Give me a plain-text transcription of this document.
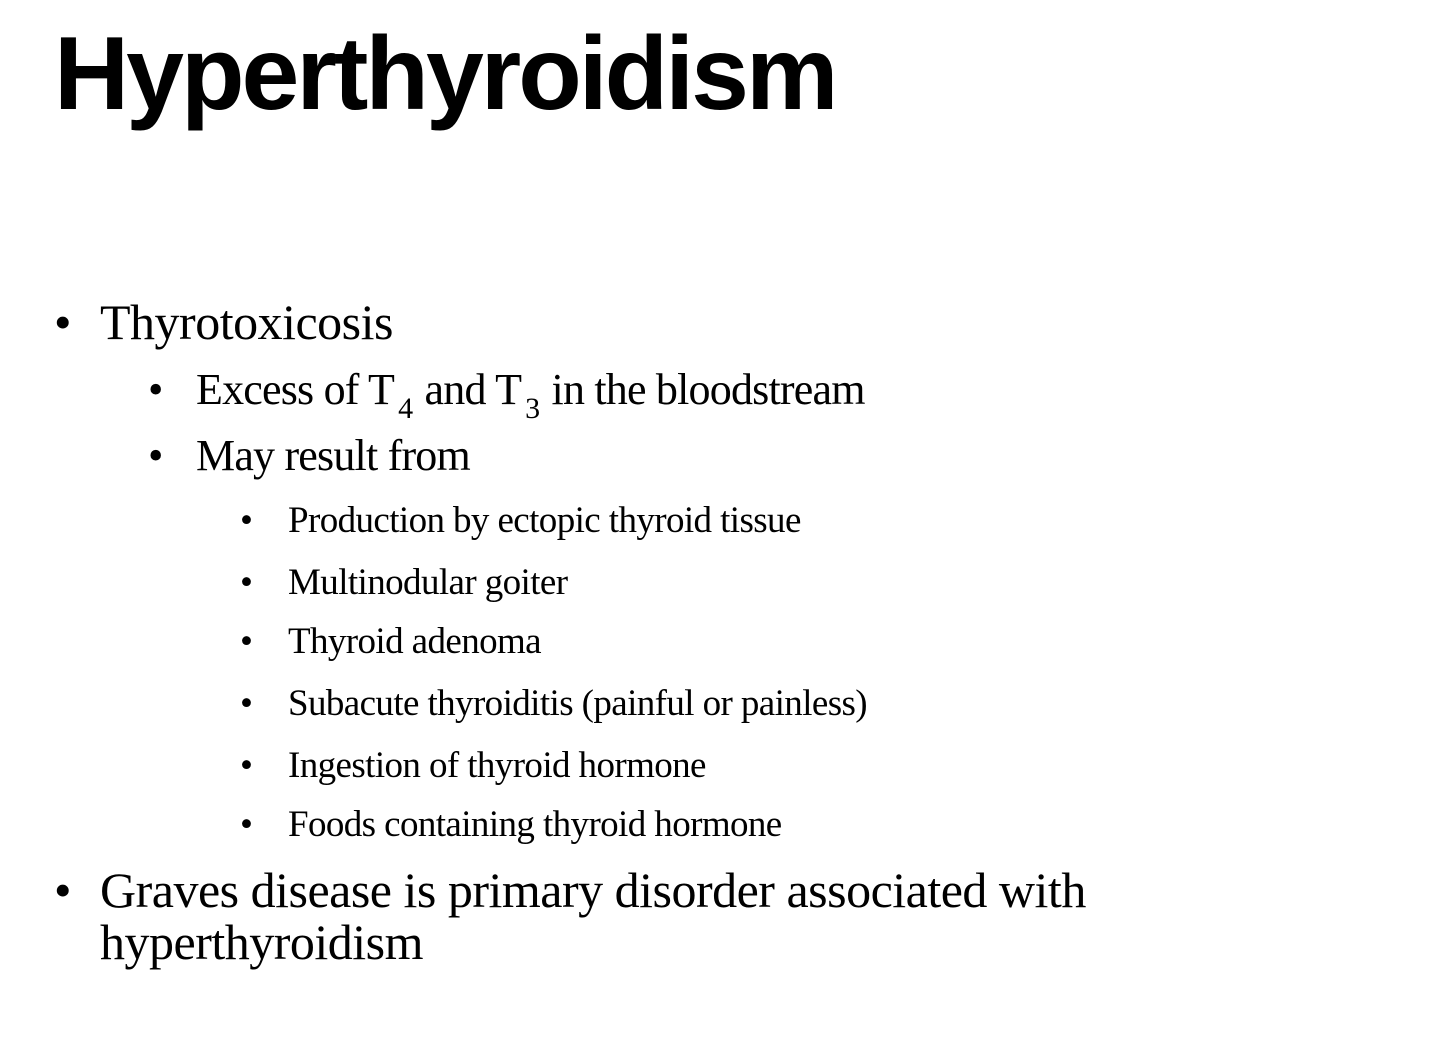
Hyperthyroidism
• Thyrotoxicosis
• Excess of T $_4$ and T $_3$ in the bloodstream
• May result from
• Production by ectopic thyroid tissue
• Multinodular goiter
• Thyroid adenoma
• Subacute thyroiditis (painful or painless)
• Ingestion of thyroid hormone
• Foods containing thyroid hormone
• Graves disease is primary disorder associated with hyperthyroidism
